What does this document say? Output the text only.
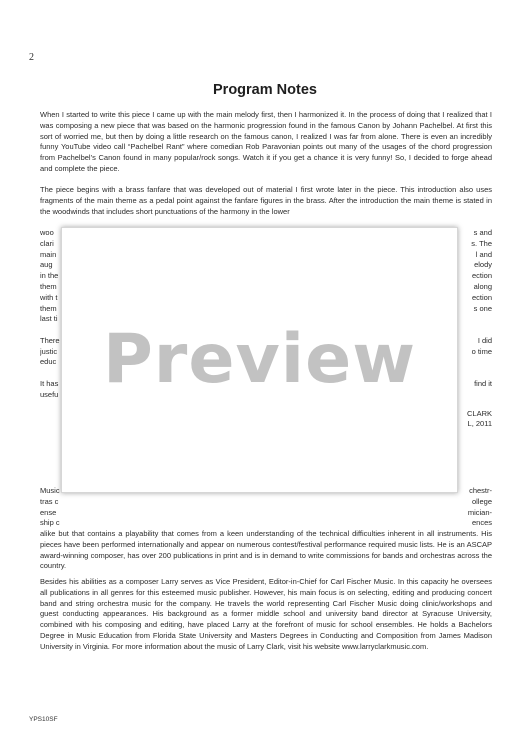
2
Program Notes

When I started to write this piece I came up with the main melody first, then I harmonized it. In the process of doing that I realized that I was composing a new piece that was based on the harmonic progression found in the famous Canon by Johann Pachelbel. At first this sort of worried me, but then by doing a little research on the famous canon, I realized I was far from alone. There is even an incredibly funny YouTube video call “Pachelbel Rant” where comedian Rob Paravonian points out many of the usages of the chord progression from Pachelbel’s Canon found in many popular/rock songs. Watch it if you get a chance it is very funny! So, I decided to forge ahead and complete the piece.

The piece begins with a brass fanfare that was developed out of material I first wrote later in the piece. This introduction also uses fragments of the main theme as a pedal point against the fanfare figures in the brass. After the introduction the main theme is stated in the woodwinds that includes short punctuations of the harmony in the lower

woo
clari
main
aug
in the
them
with t
them
last ti
There
justic
educ
It has
usefu
Music
tras c
ense
ship c
s and
s. The
l and
elody
ection
along
ection
s one
I did
o time
find it
CLARK
L, 2011
chestr-
ollege
mician-
ences

alike but that contains a playability that comes from a keen understanding of the technical difficulties inherent in all instruments. His pieces have been performed internationally and appear on numerous contest/festival performance required music lists. He is an ASCAP award-winning composer, has over 200 publications in print and is in demand to write commissions for bands and orchestras across the country.

Besides his abilities as a composer Larry serves as Vice President, Editor-in-Chief for Carl Fischer Music. In this capacity he oversees all publications in all genres for this esteemed music publisher. However, his main focus is on selecting, editing and producing concert band and string orchestra music for the company. He travels the world representing Carl Fischer Music doing clinic/workshops and guest conducting appearances. His background as a former middle school and university band director at Syracuse University, combined with his composing and editing, have placed Larry at the forefront of music for school ensembles. He holds a Bachelors Degree in Music Education from Florida State University and Masters Degrees in Conducting and Composition from James Madison University in Virginia. For more information about the music of Larry Clark, visit his website www.larryclarkmusic.com.

Preview
YPS10SF
